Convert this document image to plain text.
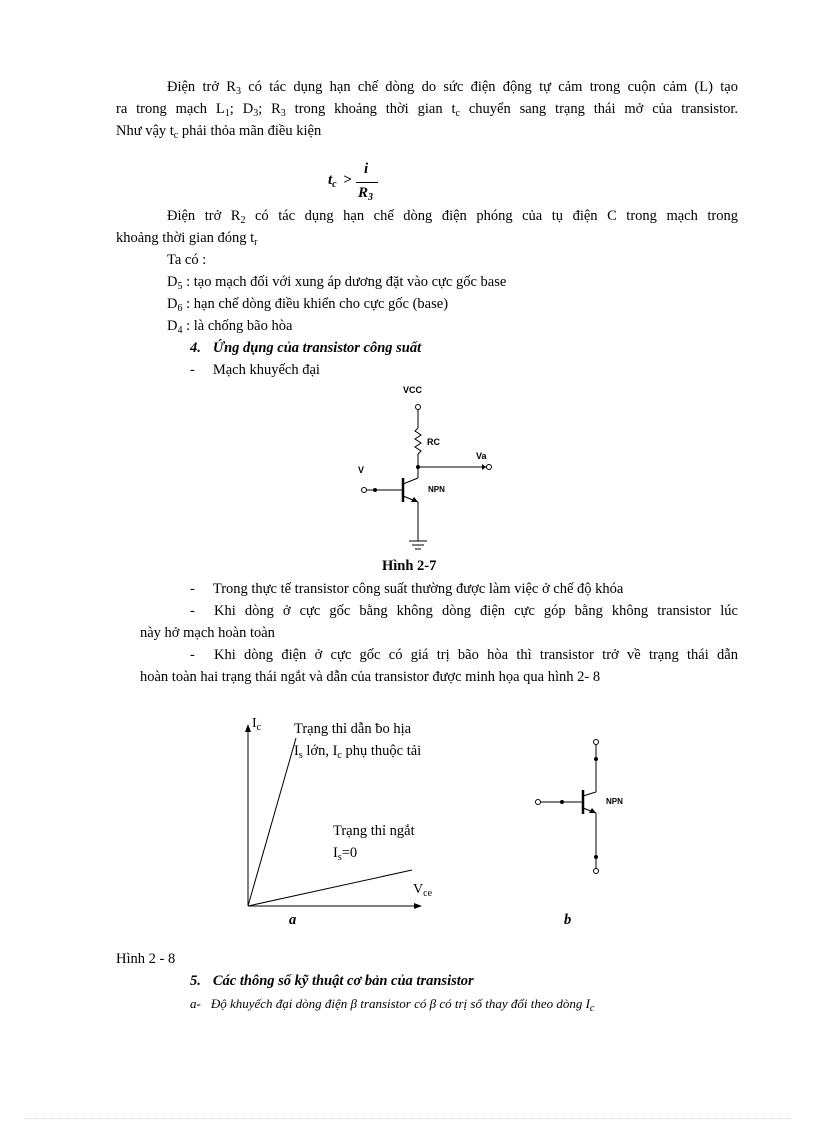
Điện trở $R_3$ có tác dụng hạn chế dòng do sức điện động tự cảm trong cuộn cảm (L) tạo
ra trong mạch $L_1$; $D_3$; $R_3$ trong khoảng thời gian $t_c$ chuyển sang trạng thái mở của transistor.
Như vậy $t_c$ phải thỏa mãn điều kiện
$t_c$ >
i
$R_3$
Điện trở $R_2$ có tác dụng hạn chế dòng điện phóng của tụ điện C trong mạch trong
khoảng thời gian đóng $t_r$
Ta có :
$D_5$ : tạo mạch đối với xung áp dương đặt vào cực gốc base
$D_6$ : hạn chế dòng điều khiển cho cực gốc (base)
$D_4$ : là chống bão hòa
4. Ứng dụng của transistor công suất
- Mạch khuyếch đại
VCC
RC
Va
V
NPN
Hình 2-7
- Trong thực tế transistor công suất thường được làm việc ở chế độ khóa
- Khi dòng ở cực gốc bằng không dòng điện cực góp bằng không transistor lúc
này hở mạch hoàn toàn
- Khi dòng điện ở cực gốc có giá trị bão hòa thì transistor trở về trạng thái dẫn
hoàn toàn hai trạng thái ngắt và dẫn của transistor được minh họa qua hình 2- 8
$I_c$ Trạng thỉ dẫn ƀo hịa
$I_s$ lớn, $I_c$ phụ thuộc tải
Trạng thỉ ngắt
$I_s=0$
$V_{ce}$
a
NPN
b
Hình 2 - 8
5. Các thông số kỹ thuật cơ bản của transistor
a- Độ khuyếch đại dòng điện β transistor có β có trị số thay đổi theo dòng $I_c$
